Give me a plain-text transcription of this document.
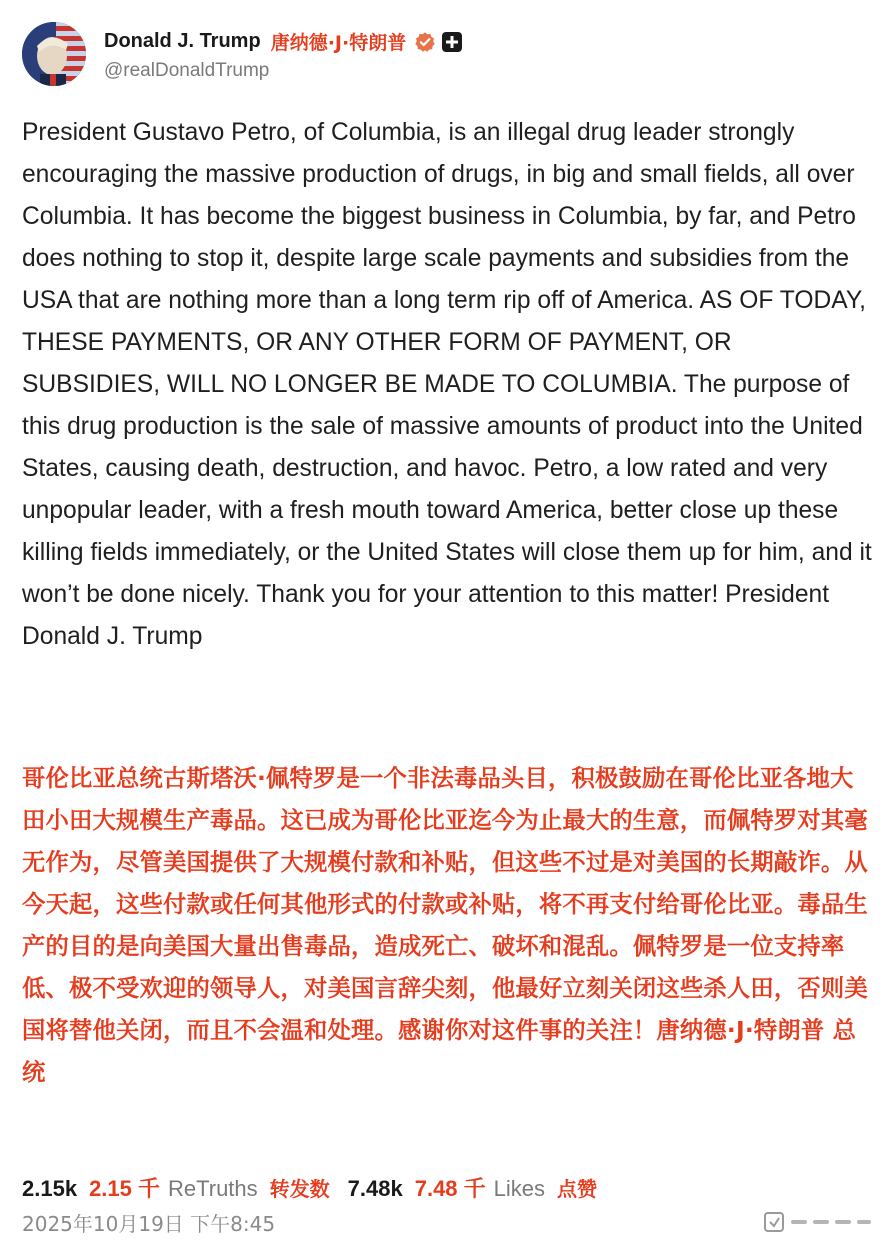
Donald J. Trump 唐纳德·J·特朗普
@realDonaldTrump
President Gustavo Petro, of Columbia, is an illegal drug leader strongly encouraging the massive production of drugs, in big and small fields, all over Columbia. It has become the biggest business in Columbia, by far, and Petro does nothing to stop it, despite large scale payments and subsidies from the USA that are nothing more than a long term rip off of America. AS OF TODAY, THESE PAYMENTS, OR ANY OTHER FORM OF PAYMENT, OR SUBSIDIES, WILL NO LONGER BE MADE TO COLUMBIA. The purpose of this drug production is the sale of massive amounts of product into the United States, causing death, destruction, and havoc. Petro, a low rated and very unpopular leader, with a fresh mouth toward America, better close up these killing fields immediately, or the United States will close them up for him, and it won’t be done nicely. Thank you for your attention to this matter! President Donald J. Trump
哥伦比亚总统古斯塔沃·佩特罗是一个非法毒品头目，积极鼓励在哥伦比亚各地大田小田大规模生产毒品。这已成为哥伦比亚迄今为止最大的生意，而佩特罗对其毫无作为，尽管美国提供了大规模付款和补贴，但这些不过是对美国的长期敲诈。从今天起，这些付款或任何其他形式的付款或补贴，将不再支付给哥伦比亚。毒品生产的目的是向美国大量出售毒品，造成死亡、破坏和混乱。佩特罗是一位支持率低、极不受欢迎的领导人，对美国言辞尖刻，他最好立刻关闭这些杀人田，否则美国将替他关闭，而且不会温和处理。感谢你对这件事的关注！唐纳德·J·特朗普 总统
2.15k 2.15 千 ReTruths 转发数 7.48k 7.48 千 Likes 点赞
2025年10月19日 下午8:45
